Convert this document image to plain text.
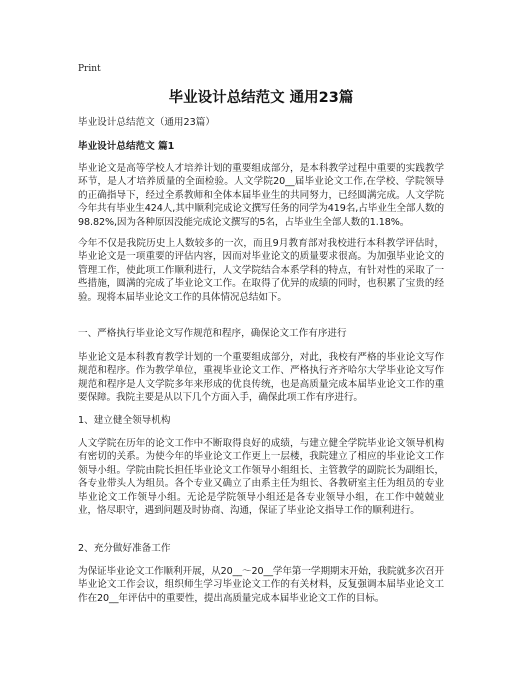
Print
毕业设计总结范文 通用23篇
毕业设计总结范文（通用23篇）
毕业设计总结范文 篇1

毕业论文是高等学校人才培养计划的重要组成部分，是本科教学过程中重要的实践教学环节，是人才培养质量的全面检验。人文学院20__届毕业论文工作,在学校、学院领导的正确指导下，经过全系教师和全体本届毕业生的共同努力，已经圆满完成。人文学院今年共有毕业生424人,其中顺利完成论文撰写任务的同学为419名,占毕业生全部人数的98.82%,因为各种原因没能完成论文撰写的5名，占毕业生全部人数的1.18%。

今年不仅是我院历史上人数较多的一次，而且9月教育部对我校进行本科教学评估时，毕业论文是一项重要的评估内容，因而对毕业论文的质量要求很高。为加强毕业论文的管理工作，使此项工作顺利进行，人文学院结合本系学科的特点，有针对性的采取了一些措施，圆满的完成了毕业论文工作。在取得了优异的成绩的同时，也积累了宝贵的经验。现将本届毕业论文工作的具体情况总结如下。

一、严格执行毕业论文写作规范和程序，确保论文工作有序进行

毕业论文是本科教育教学计划的一个重要组成部分，对此，我校有严格的毕业论文写作规范和程序。作为教学单位，重视毕业论文工作、严格执行齐齐哈尔大学毕业论文写作规范和程序是人文学院多年来形成的优良传统，也是高质量完成本届毕业论文工作的重要保障。我院主要是从以下几个方面入手，确保此项工作有序进行。

1、建立健全领导机构

人文学院在历年的论文工作中不断取得良好的成绩，与建立健全学院毕业论文领导机构有密切的关系。为使今年的毕业论文工作更上一层楼，我院建立了相应的毕业论文工作领导小组。学院由院长担任毕业论文工作领导小组组长、主管教学的副院长为副组长，各专业带头人为组员。各个专业又确立了由系主任为组长、各教研室主任为组员的专业毕业论文工作领导小组。无论是学院领导小组还是各专业领导小组，在工作中兢兢业业，恪尽职守，遇到问题及时协商、沟通，保证了毕业论文指导工作的顺利进行。

2、充分做好准备工作

为保证毕业论文工作顺利开展，从20__～20__学年第一学期期末开始，我院就多次召开毕业论文工作会议，组织师生学习毕业论文工作的有关材料，反复强调本届毕业论文工作在20__年评估中的重要性，提出高质量完成本届毕业论文工作的目标。
